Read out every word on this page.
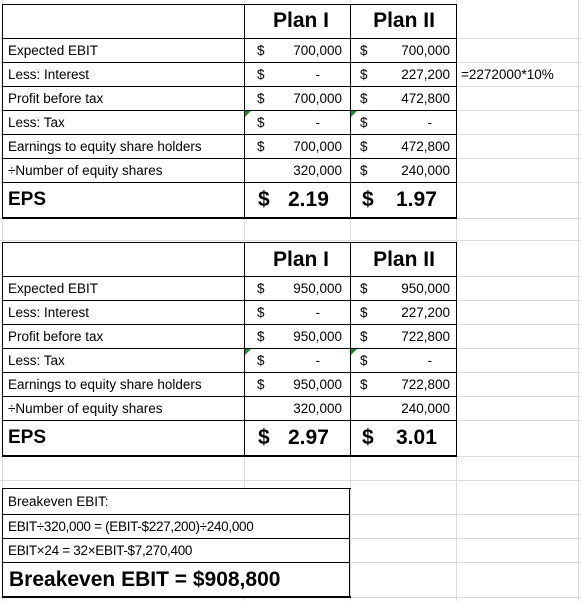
Plan I	Plan II
Expected EBIT	$	700,000 $	700,000
Less: Interest	$	-	$	227,200 =2272000*10%
Profit before tax	$	700,000 $	472,800
Less: Tax	$	-	$	-
Earnings to equity share holders	$	700,000 $	472,800
÷Number of equity shares	320,000 $	240,000
EPS	$ 2.19 $ 1.97
Plan I	Plan II
Expected EBIT	$	950,000 $	950,000
Less: Interest	$	-	$	227,200
Profit before tax	$	950,000 $	722,800
Less: Tax	$	-	$	-
Earnings to equity share holders	$	950,000 $	722,800
÷Number of equity shares	320,000	240,000
EPS	$ 2.97 $ 3.01
Breakeven EBIT:
EBIT÷320,000 = (EBIT-$227,200)÷240,000
EBIT×24 = 32×EBIT-$7,270,400
Breakeven EBIT = $908,800
